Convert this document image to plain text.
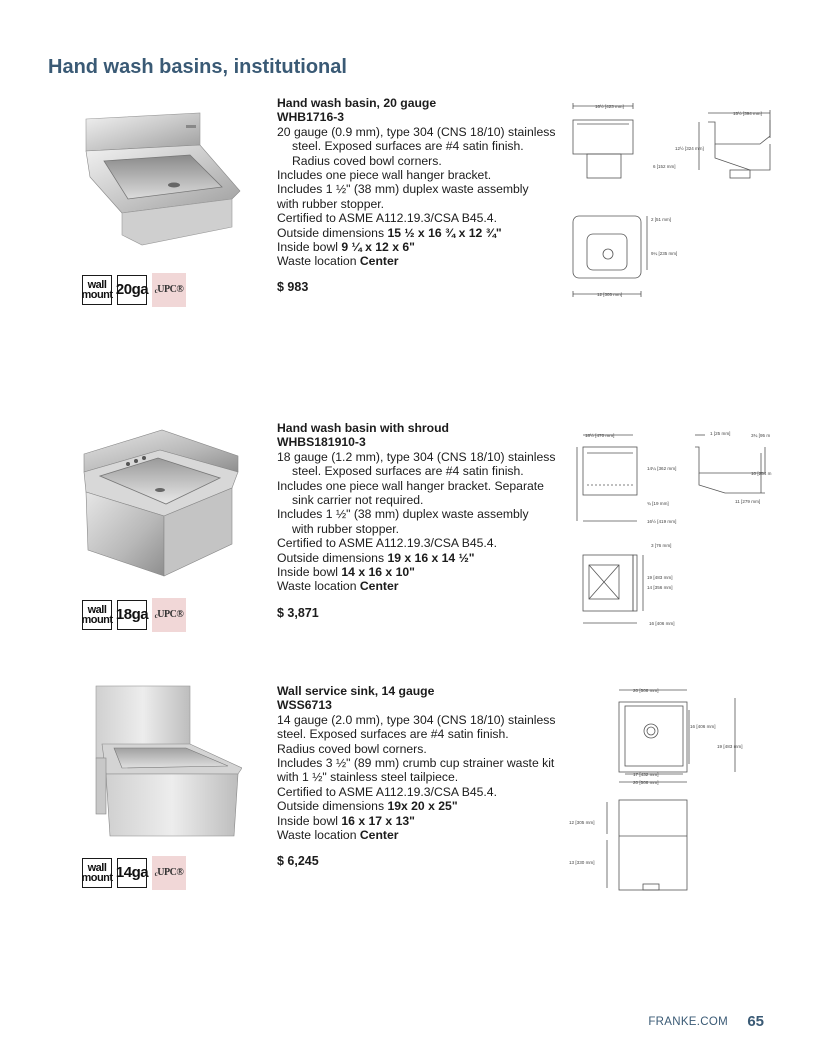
Hand wash basins, institutional
wall
mount 20ga $_c$UPC®
Hand wash basin, 20 gauge
WHB1716-3
20 gauge (0.9 mm), type 304 (CNS 18/10) stainless
steel. Exposed surfaces are #4 satin finish.
Radius coved bowl corners.
Includes one piece wall hanger bracket.
Includes 1 ½" (38 mm) duplex waste assembly
with rubber stopper.
Certified to ASME A112.19.3/CSA B45.4.
Outside dimensions 15 ½ x 16 ¾ x 12 ¾"
Inside bowl 9 ¼ x 12 x 6"
Waste location Center
$ 983
16½ [423 mm]
15½ [394 mm]
12½ [324 mm]
6 [152 mm]
2 [51 mm]
9¼ [235 mm]
12 [305 mm]
wall
mount 18ga $_c$UPC®
Hand wash basin with shroud
WHBS181910-3
18 gauge (1.2 mm), type 304 (CNS 18/10) stainless
steel. Exposed surfaces are #4 satin finish.
Includes one piece wall hanger bracket. Separate
sink carrier not required.
Includes 1 ½" (38 mm) duplex waste assembly
with rubber stopper.
Certified to ASME A112.19.3/CSA B45.4.
Outside dimensions 19 x 16 x 14 ½"
Inside bowl 14 x 16 x 10"
Waste location Center
$ 3,871
18½ [470 mm]	1 [25 mm]	3¾ [95 m
14¼ [362 mm]
10 [254 m
¾ [19 mm]	11 [279 mm]
16½ [419 mm]
3 [76 mm]
19 [483 mm]
14 [356 mm]
16 [406 mm]
wall
mount 14ga $_c$UPC®
Wall service sink, 14 gauge
WSS6713
14 gauge (2.0 mm), type 304 (CNS 18/10) stainless
steel. Exposed surfaces are #4 satin finish.
Radius coved bowl corners.
Includes 3 ½" (89 mm) crumb cup strainer waste kit
with 1 ½" stainless steel tailpiece.
Certified to ASME A112.19.3/CSA B45.4.
Outside dimensions 19x 20 x 25"
Inside bowl 16 x 17 x 13"
Waste location Center
$ 6,245
20 [508 mm]
16 [406 mm]
19 [483 mm]
17 [432 mm]
20 [508 mm]
12 [305 mm]
13 [330 mm]
FRANKE.COM 65
